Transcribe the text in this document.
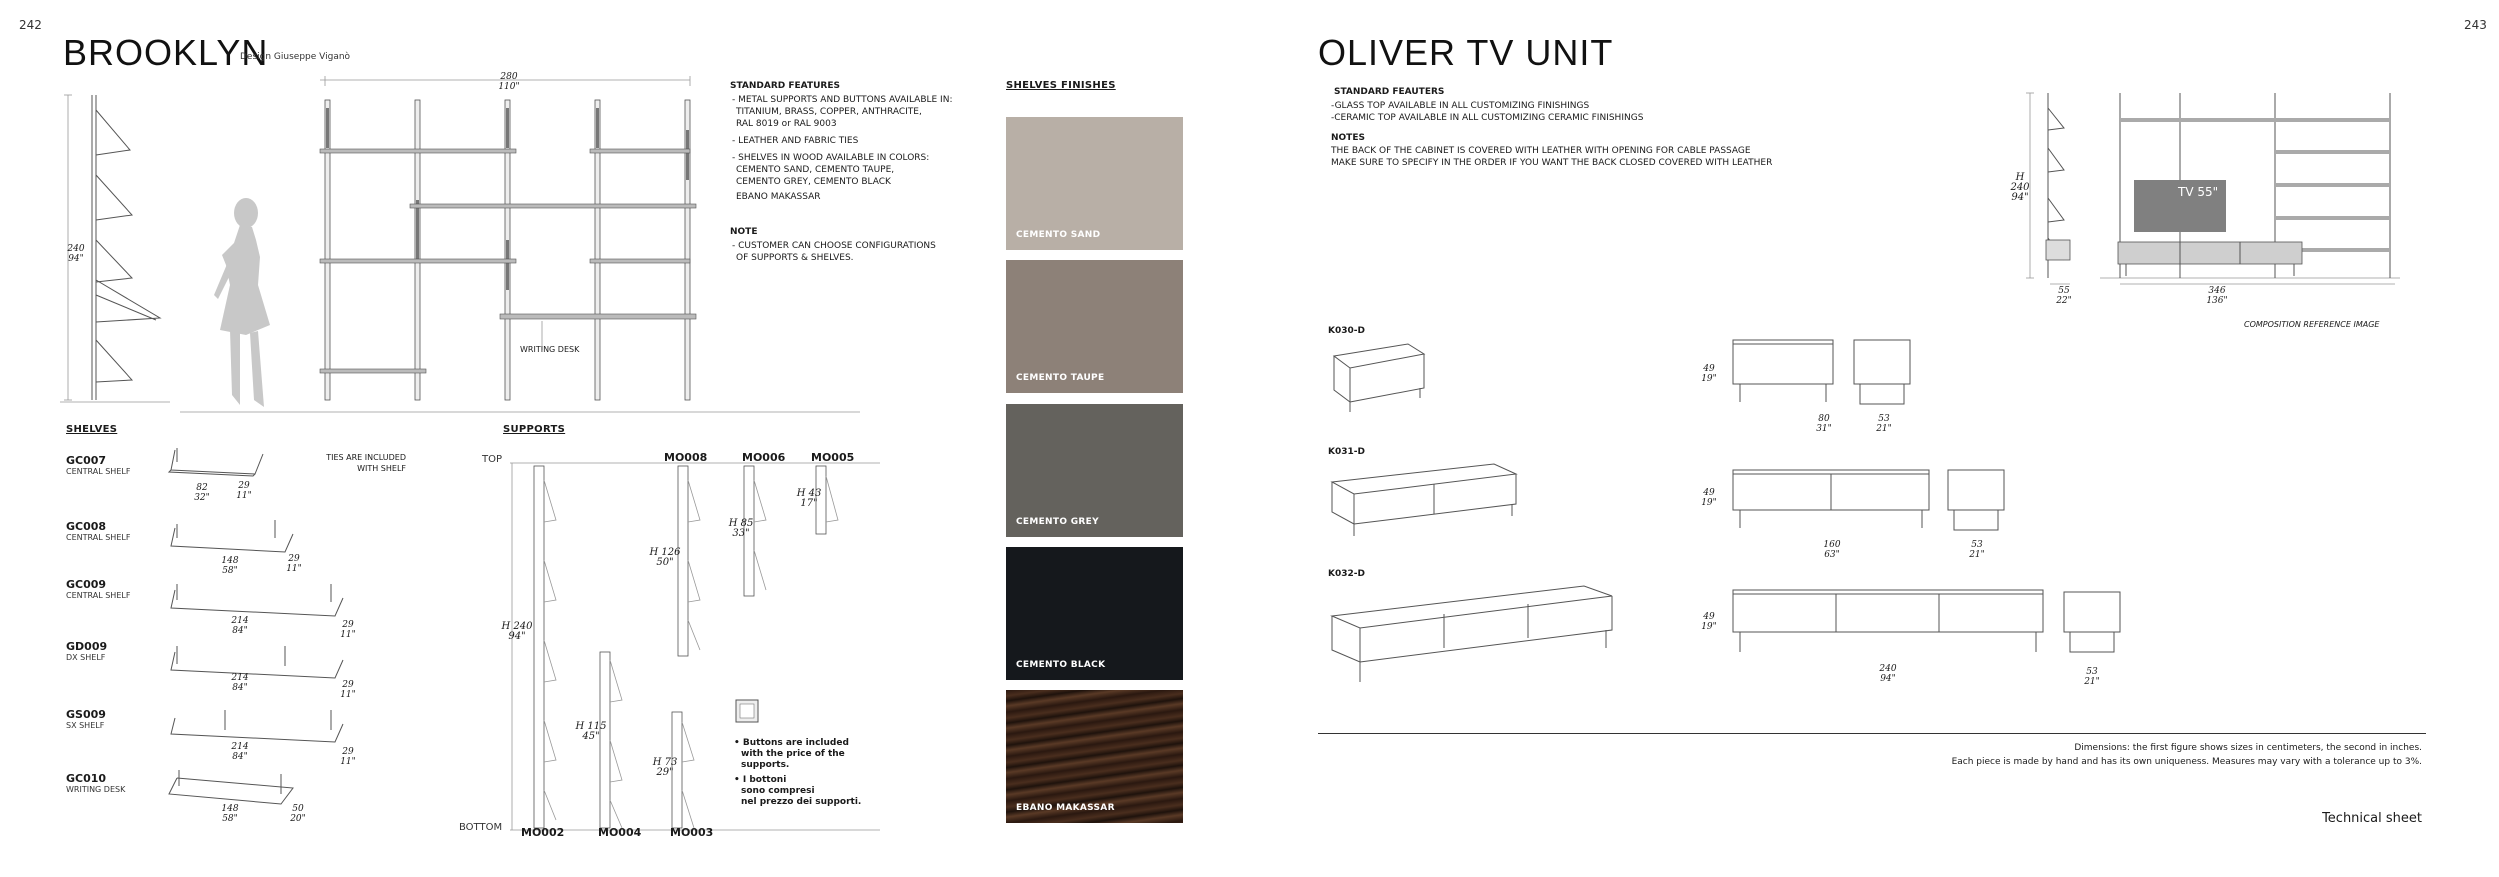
242
BROOKLYN
Design Giuseppe Viganò
240
94"
280
110"
WRITING DESK
STANDARD FEATURES
- METAL SUPPORTS AND BUTTONS AVAILABLE IN:
TITANIUM, BRASS, COPPER, ANTHRACITE,
RAL 8019 or RAL 9003
- LEATHER AND FABRIC TIES
- SHELVES IN WOOD AVAILABLE IN COLORS:
CEMENTO SAND, CEMENTO TAUPE,
CEMENTO GREY, CEMENTO BLACK
EBANO MAKASSAR
NOTE
- CUSTOMER CAN CHOOSE CONFIGURATIONS
OF SUPPORTS & SHELVES.
SHELVES
TIES ARE INCLUDED
WITH SHELF
GC007
CENTRAL SHELF
82
32"
29
11"
GC008
CENTRAL SHELF
148
58"
29
11"
GC009
CENTRAL SHELF
214
84"
29
11"
GD009
DX SHELF
214
84"	29
11"
GS009
SX SHELF
214
84"	29
11"
GC010
WRITING DESK
148
58"
50
20"
SUPPORTS
TOP
BOTTOM
H 240
94"
MO008	MO006 MO005
MO002	MO004	MO003
H 126
50"
H 85
33"
H 43
17"
H 115
45"
H 73
29"
• Buttons are included
with the price of the
supports.
• I bottoni
sono compresi
nel prezzo dei supporti.
SHELVES FINISHES
CEMENTO SAND
CEMENTO TAUPE
CEMENTO GREY
CEMENTO BLACK
EBANO MAKASSAR
243
OLIVER TV UNIT
STANDARD FEAUTERS
-GLASS TOP AVAILABLE IN ALL CUSTOMIZING FINISHINGS
-CERAMIC TOP AVAILABLE IN ALL CUSTOMIZING CERAMIC FINISHINGS
NOTES
THE BACK OF THE CABINET IS COVERED WITH LEATHER WITH OPENING FOR CABLE PASSAGE
MAKE SURE TO SPECIFY IN THE ORDER IF YOU WANT THE BACK CLOSED COVERED WITH LEATHER
H 240
94"	TV 55"
55
22"
346
136"
COMPOSITION REFERENCE IMAGE
K030-D
49
19"
80
31"
53
21"
K031-D
49
19"
160
63"
53
21"
K032-D
49
19"
240
94"
53
21"
Dimensions: the first figure shows sizes in centimeters, the second in inches.
Each piece is made by hand and has its own uniqueness. Measures may vary with a tolerance up to 3%.
Technical sheet
